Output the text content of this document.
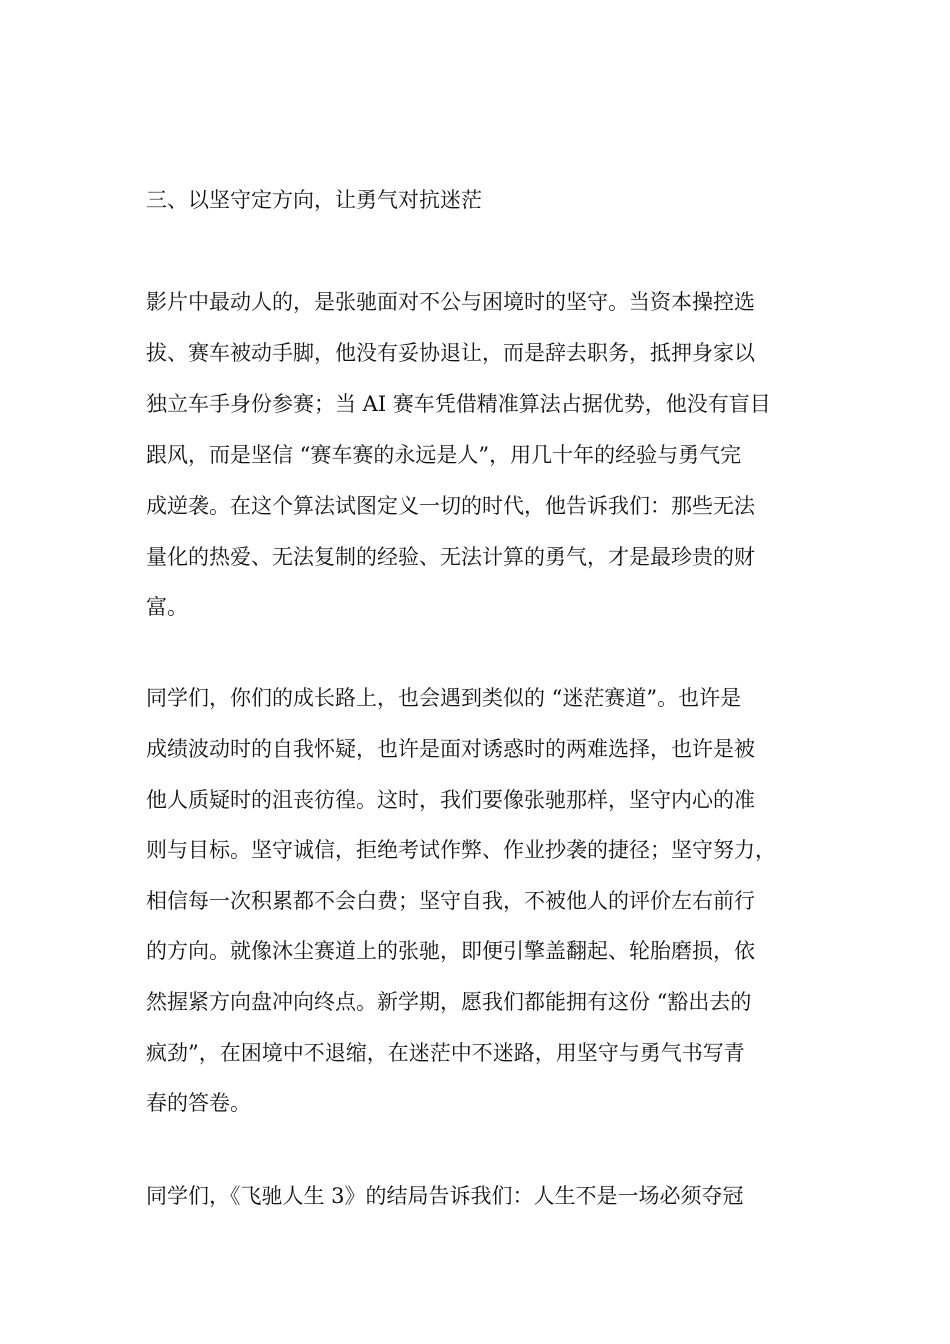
三、以坚守定方向，让勇气对抗迷茫

影片中最动人的，是张驰面对不公与困境时的坚守。当资本操控选

拔、赛车被动手脚，他没有妥协退让，而是辞去职务，抵押身家以

独立车手身份参赛；当 AI 赛车凭借精准算法占据优势，他没有盲目

跟风，而是坚信 “赛车赛的永远是人”，用几十年的经验与勇气完

成逆袭。在这个算法试图定义一切的时代，他告诉我们：那些无法

量化的热爱、无法复制的经验、无法计算的勇气，才是最珍贵的财

富。

同学们，你们的成长路上，也会遇到类似的 “迷茫赛道”。也许是

成绩波动时的自我怀疑，也许是面对诱惑时的两难选择，也许是被

他人质疑时的沮丧彷徨。这时，我们要像张驰那样，坚守内心的准

则与目标。坚守诚信，拒绝考试作弊、作业抄袭的捷径；坚守努力，

相信每一次积累都不会白费；坚守自我，不被他人的评价左右前行

的方向。就像沐尘赛道上的张驰，即便引擎盖翻起、轮胎磨损，依

然握紧方向盘冲向终点。新学期，愿我们都能拥有这份 “豁出去的

疯劲”，在困境中不退缩，在迷茫中不迷路，用坚守与勇气书写青

春的答卷。

同学们，《飞驰人生 3》的结局告诉我们：人生不是一场必须夺冠
